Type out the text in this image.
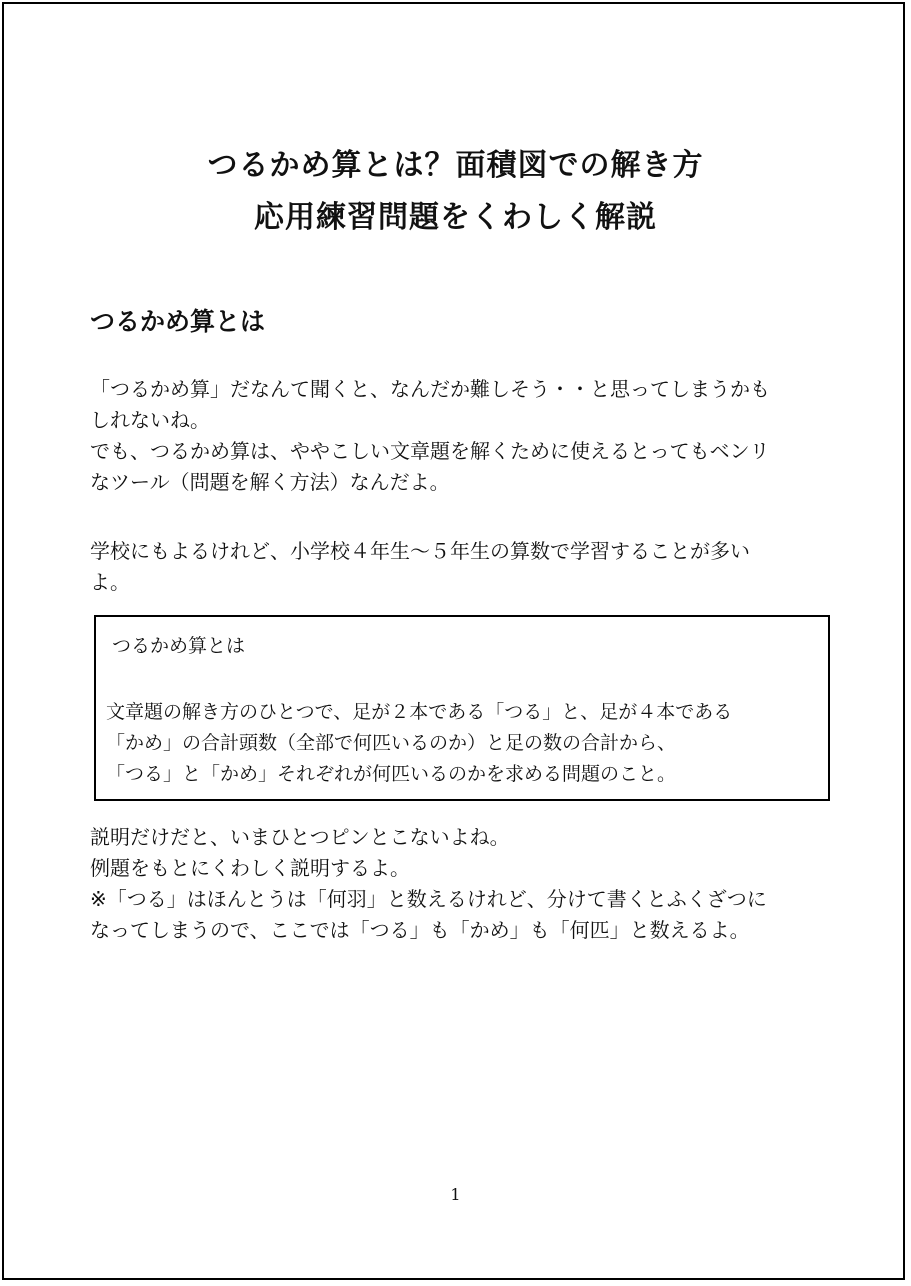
つるかめ算とは？面積図での解き方
応用練習問題をくわしく解説
つるかめ算とは
「つるかめ算」だなんて聞くと、なんだか難しそう・・と思ってしまうかも
しれないね。
でも、つるかめ算は、ややこしい文章題を解くために使えるとってもベンリ
なツール（問題を解く方法）なんだよ。
学校にもよるけれど、小学校４年生～５年生の算数で学習することが多い
よ。
つるかめ算とは
文章題の解き方のひとつで、足が２本である「つる」と、足が４本である
「かめ」の合計頭数（全部で何匹いるのか）と足の数の合計から、
「つる」と「かめ」それぞれが何匹いるのかを求める問題のこと。
説明だけだと、いまひとつピンとこないよね。
例題をもとにくわしく説明するよ。
※「つる」はほんとうは「何羽」と数えるけれど、分けて書くとふくざつに
なってしまうので、ここでは「つる」も「かめ」も「何匹」と数えるよ。
1
